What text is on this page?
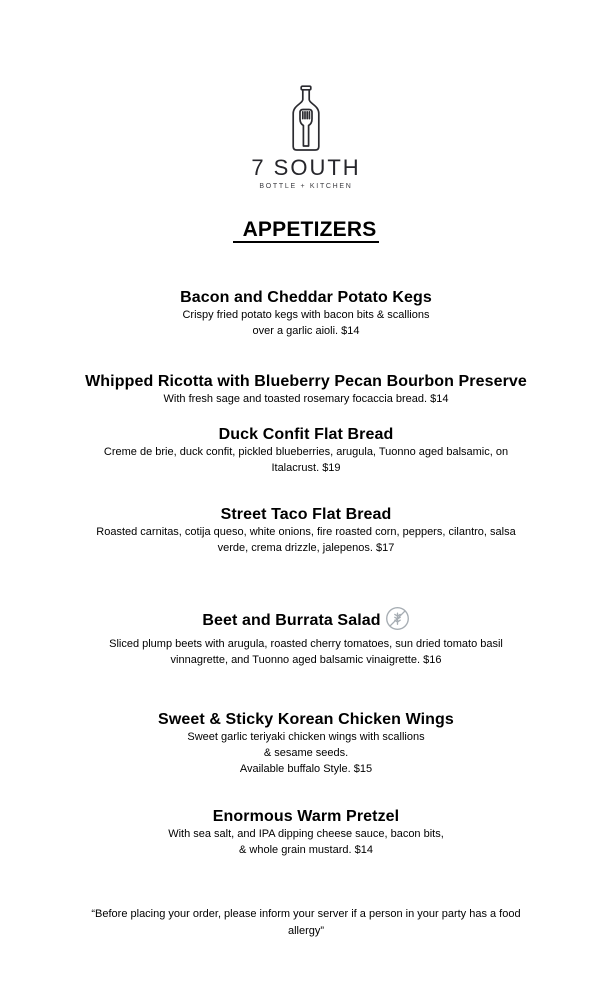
7 SOUTH
BOTTLE + KITCHEN
APPETIZERS
Bacon and Cheddar Potato Kegs
Crispy fried potato kegs with bacon bits & scallions
over a garlic aioli. $14
Whipped Ricotta with Blueberry Pecan Bourbon Preserve
With fresh sage and toasted rosemary focaccia bread. $14
Duck Confit Flat Bread
Creme de brie, duck confit, pickled blueberries, arugula, Tuonno aged balsamic, on
Italacrust. $19
Street Taco Flat Bread
Roasted carnitas, cotija queso, white onions, fire roasted corn, peppers, cilantro, salsa
verde, crema drizzle, jalepenos. $17
Beet and Burrata Salad
Sliced plump beets with arugula, roasted cherry tomatoes, sun dried tomato basil
vinnagrette, and Tuonno aged balsamic vinaigrette. $16
Sweet & Sticky Korean Chicken Wings
Sweet garlic teriyaki chicken wings with scallions
& sesame seeds.
Available buffalo Style. $15
Enormous Warm Pretzel
With sea salt, and IPA dipping cheese sauce, bacon bits,
& whole grain mustard. $14
“Before placing your order, please inform your server if a person in your party has a food
allergy”
